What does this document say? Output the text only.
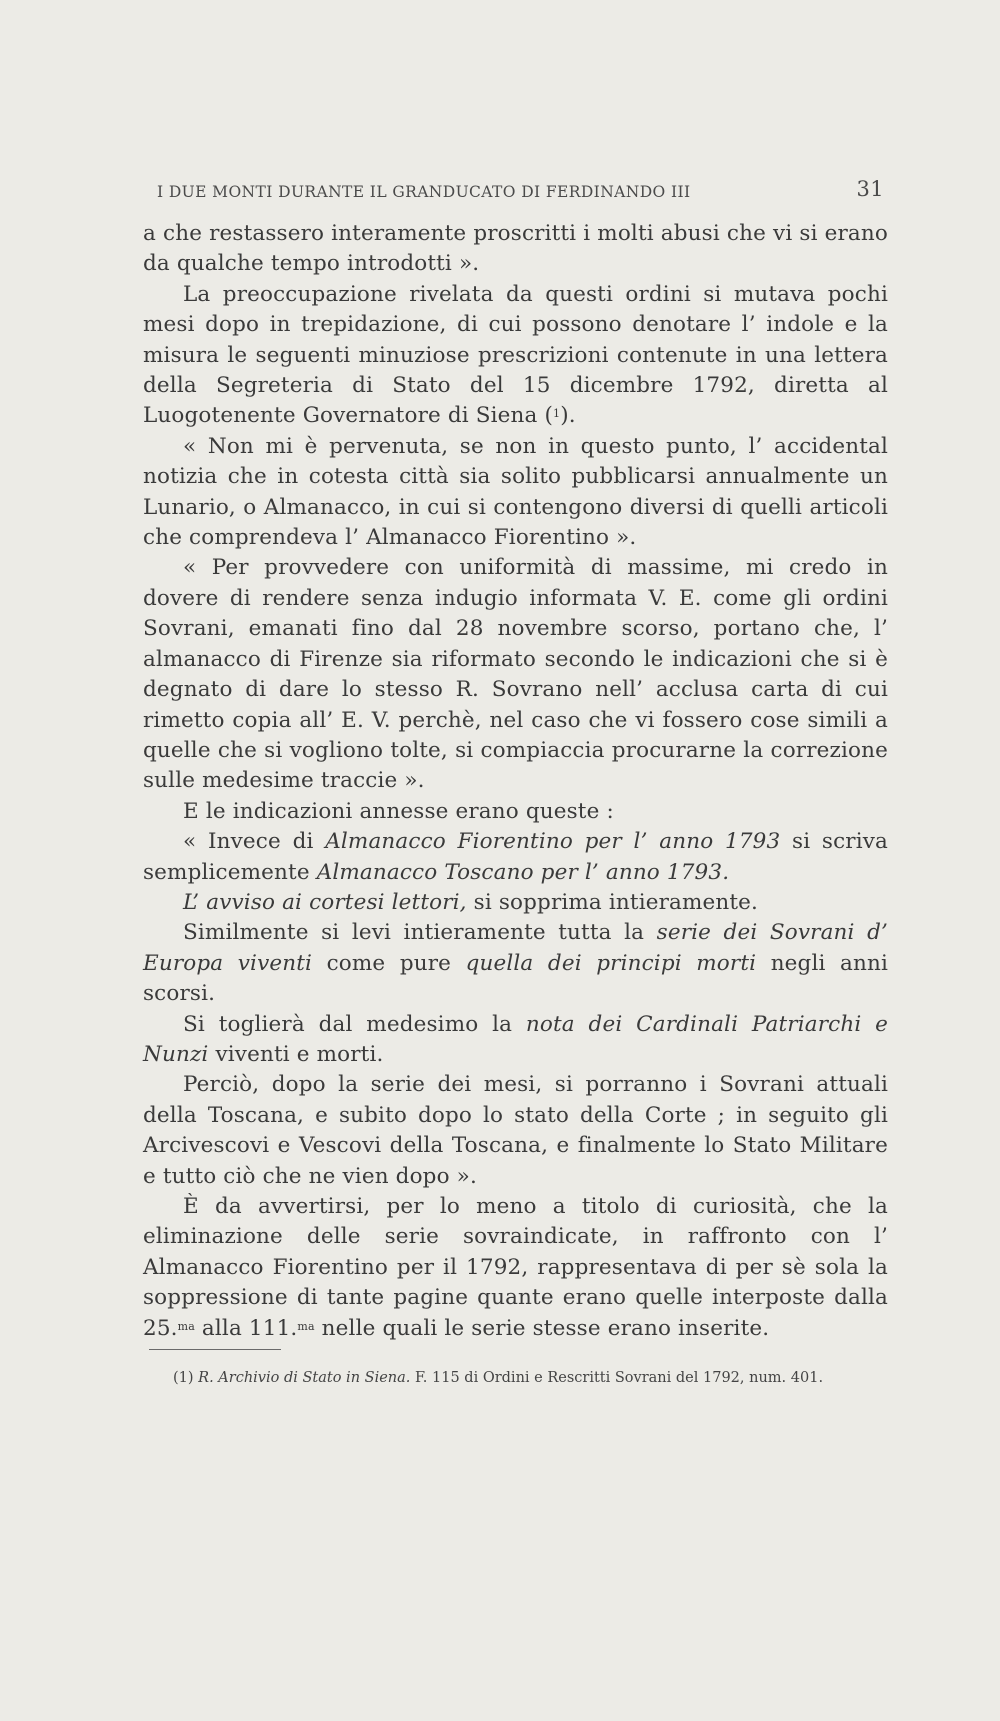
I DUE MONTI DURANTE IL GRANDUCATO DI FERDINANDO III	31

a che restassero interamente proscritti i molti abusi che vi si erano da qualche tempo introdotti ».

La preoccupazione rivelata da questi ordini si mutava pochi mesi dopo in trepidazione, di cui possono denotare l’ indole e la misura le seguenti minuziose prescrizioni contenute in una lettera della Segreteria di Stato del 15 dicembre 1792, diretta al Luogotenente Governatore di Siena ($^1$).

« Non mi è pervenuta, se non in questo punto, l’ accidental notizia che in cotesta città sia solito pubblicarsi annualmente un Lunario, o Almanacco, in cui si contengono diversi di quelli articoli che comprendeva l’ Almanacco Fiorentino ».

« Per provvedere con uniformità di massime, mi credo in dovere di rendere senza indugio informata V. E. come gli ordini Sovrani, emanati fino dal 28 novembre scorso, portano che, l’ almanacco di Firenze sia riformato secondo le indicazioni che si è degnato di dare lo stesso R. Sovrano nell’ acclusa carta di cui rimetto copia all’ E. V. perchè, nel caso che vi fossero cose simili a quelle che si vogliono tolte, si compiaccia procurarne la correzione sulle medesime traccie ».

E le indicazioni annesse erano queste :

« Invece di Almanacco Fiorentino per l’ anno 1793 si scriva semplicemente Almanacco Toscano per l’ anno 1793.

L’ avviso ai cortesi lettori, si sopprima intieramente.

Similmente si levi intieramente tutta la serie dei Sovrani d’ Europa viventi come pure quella dei principi morti negli anni scorsi.

Si toglierà dal medesimo la nota dei Cardinali Patriarchi e Nunzi viventi e morti.

Perciò, dopo la serie dei mesi, si porranno i Sovrani attuali della Toscana, e subito dopo lo stato della Corte ; in seguito gli Arcivescovi e Vescovi della Toscana, e finalmente lo Stato Militare e tutto ciò che ne vien dopo ».

È da avvertirsi, per lo meno a titolo di curiosità, che la eliminazione delle serie sovraindicate, in raffronto con l’ Almanacco Fiorentino per il 1792, rappresentava di per sè sola la soppressione di tante pagine quante erano quelle interposte dalla 25.$^{ma}$ alla 111.$^{ma}$ nelle quali le serie stesse erano inserite.

(1) R. Archivio di Stato in Siena. F. 115 di Ordini e Rescritti Sovrani del 1792, num. 401.
